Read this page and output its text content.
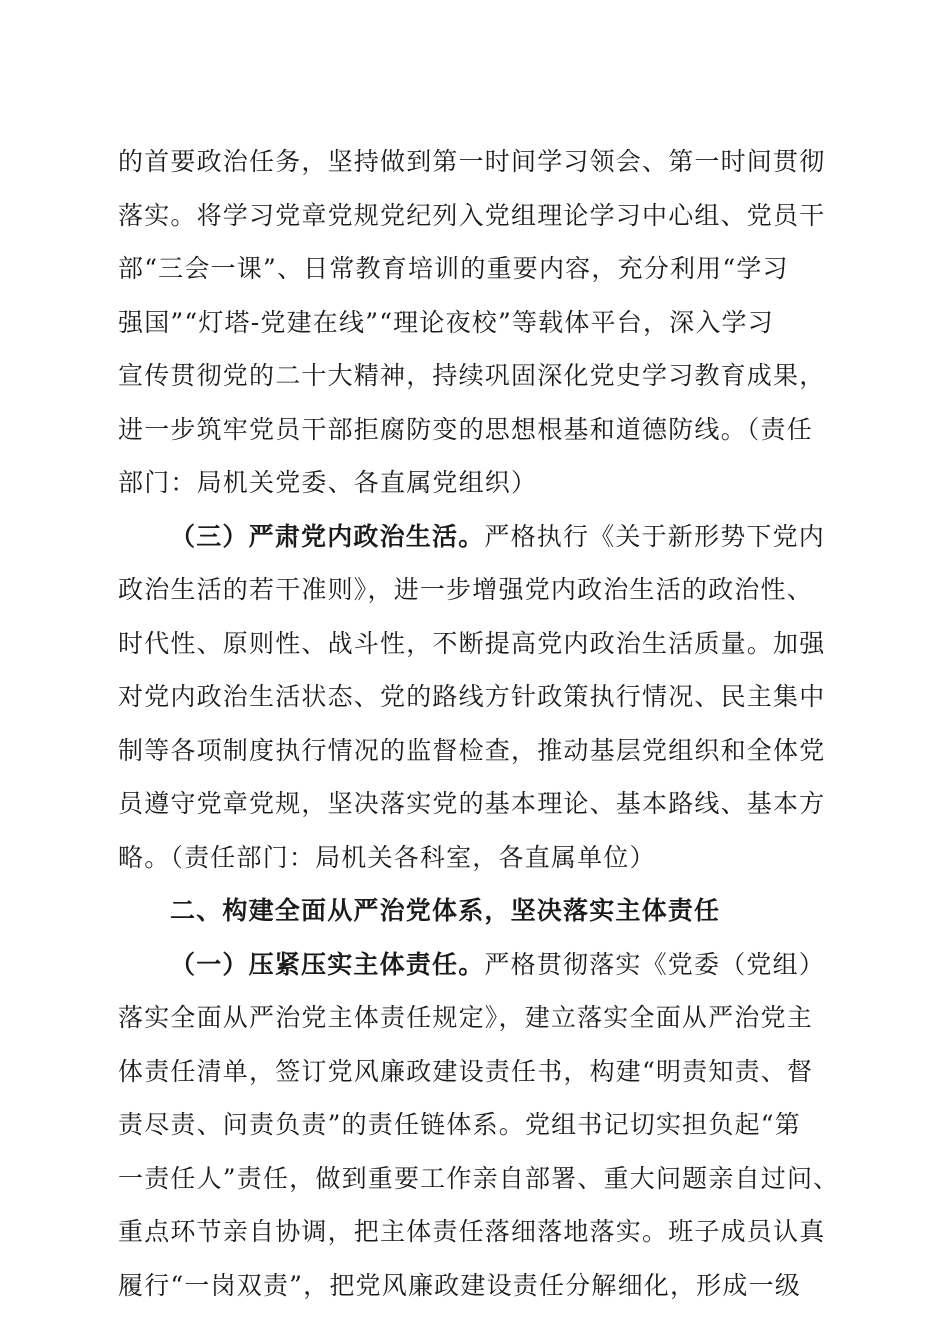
的首要政治任务，坚持做到第一时间学习领会、第一时间贯彻
落实。将学习党章党规党纪列入党组理论学习中心组、党员干
部“三会一课”、日常教育培训的重要内容，充分利用“学习
强国”“灯塔-党建在线”“理论夜校”等载体平台，深入学习
宣传贯彻党的二十大精神，持续巩固深化党史学习教育成果，
进一步筑牢党员干部拒腐防变的思想根基和道德防线。（责任
部门：局机关党委、各直属党组织）
（三）严肃党内政治生活。严格执行《关于新形势下党内
政治生活的若干准则》，进一步增强党内政治生活的政治性、
时代性、原则性、战斗性，不断提高党内政治生活质量。加强
对党内政治生活状态、党的路线方针政策执行情况、民主集中
制等各项制度执行情况的监督检查，推动基层党组织和全体党
员遵守党章党规，坚决落实党的基本理论、基本路线、基本方
略。（责任部门：局机关各科室，各直属单位）
二、构建全面从严治党体系，坚决落实主体责任
（一）压紧压实主体责任。严格贯彻落实《党委（党组）
落实全面从严治党主体责任规定》，建立落实全面从严治党主
体责任清单，签订党风廉政建设责任书，构建“明责知责、督
责尽责、问责负责”的责任链体系。党组书记切实担负起“第
一责任人”责任，做到重要工作亲自部署、重大问题亲自过问、
重点环节亲自协调，把主体责任落细落地落实。班子成员认真
履行“一岗双责”，把党风廉政建设责任分解细化，形成一级
